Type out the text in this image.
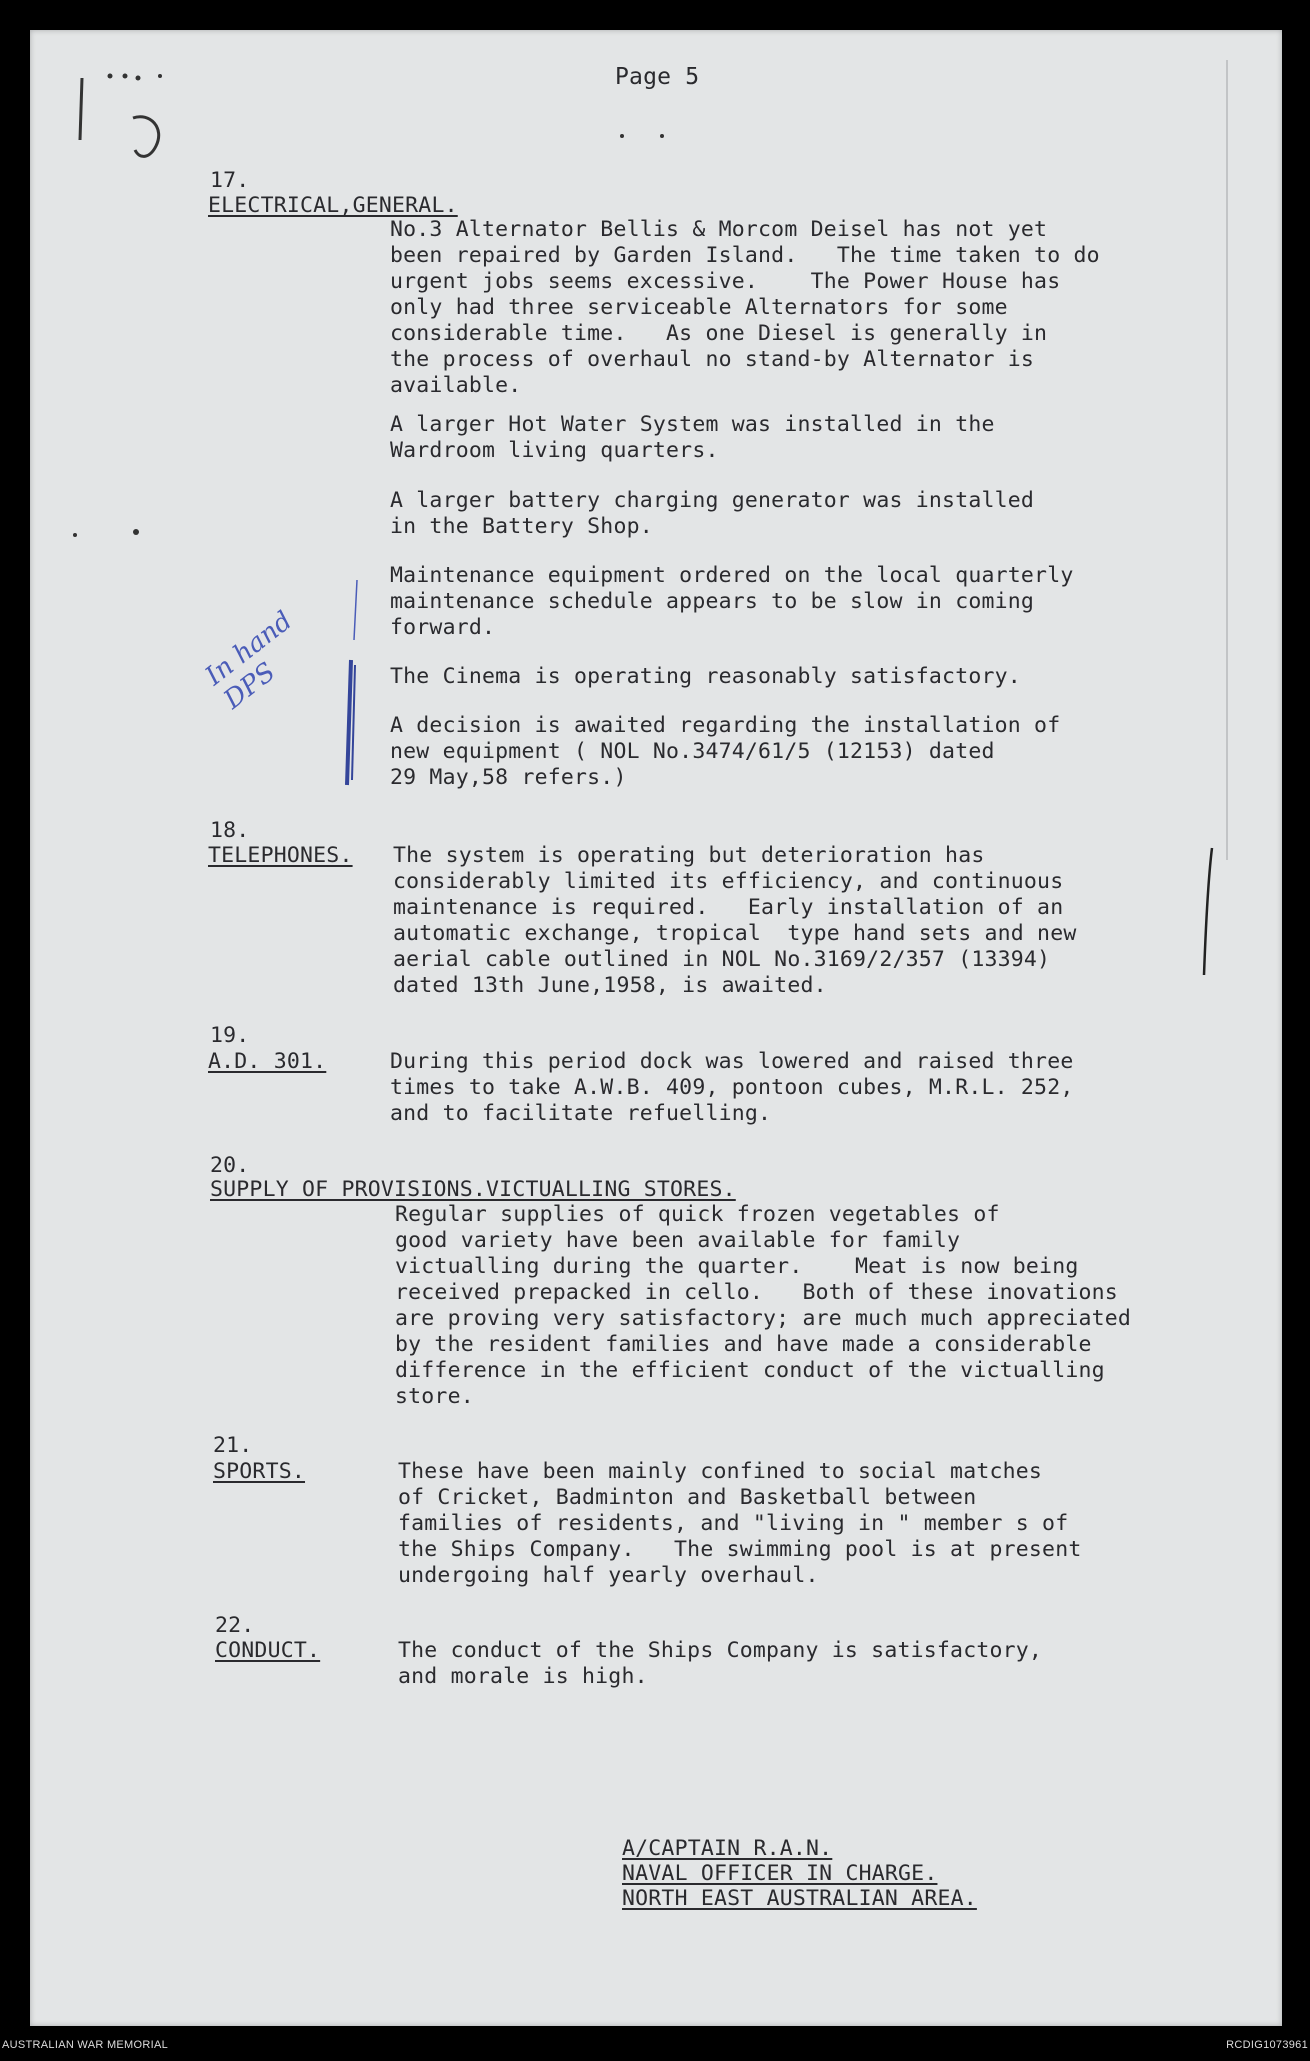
In hand
DPS
Page 5
17.
ELECTRICAL,GENERAL.
No.3 Alternator Bellis & Morcom Deisel has not yet
been repaired by Garden Island.   The time taken to do
urgent jobs seems excessive.    The Power House has
only had three serviceable Alternators for some
considerable time.   As one Diesel is generally in
the process of overhaul no stand-by Alternator is
available.
A larger Hot Water System was installed in the
Wardroom living quarters.
A larger battery charging generator was installed
in the Battery Shop.
Maintenance equipment ordered on the local quarterly
maintenance schedule appears to be slow in coming
forward.
The Cinema is operating reasonably satisfactory.
A decision is awaited regarding the installation of
new equipment ( NOL No.3474/61/5 (12153) dated
29 May,58 refers.)
18.
TELEPHONES. The system is operating but deterioration has
considerably limited its efficiency, and continuous
maintenance is required.   Early installation of an
automatic exchange, tropical  type hand sets and new
aerial cable outlined in NOL No.3169/2/357 (13394)
dated 13th June,1958, is awaited.
19.
A.D. 301.	During this period dock was lowered and raised three
times to take A.W.B. 409, pontoon cubes, M.R.L. 252,
and to facilitate refuelling.
20.
SUPPLY OF PROVISIONS.VICTUALLING STORES.
Regular supplies of quick frozen vegetables of
good variety have been available for family
victualling during the quarter.    Meat is now being
received prepacked in cello.   Both of these inovations
are proving very satisfactory; are much much appreciated
by the resident families and have made a considerable
difference in the efficient conduct of the victualling
store.
21.
SPORTS.	These have been mainly confined to social matches
of Cricket, Badminton and Basketball between
families of residents, and "living in " member s of
the Ships Company.   The swimming pool is at present
undergoing half yearly overhaul.
22.
CONDUCT.	The conduct of the Ships Company is satisfactory,
and morale is high.
A/CAPTAIN R.A.N.
NAVAL OFFICER IN CHARGE.
NORTH EAST AUSTRALIAN AREA.
AUSTRALIAN WAR MEMORIAL	RCDIG1073961
